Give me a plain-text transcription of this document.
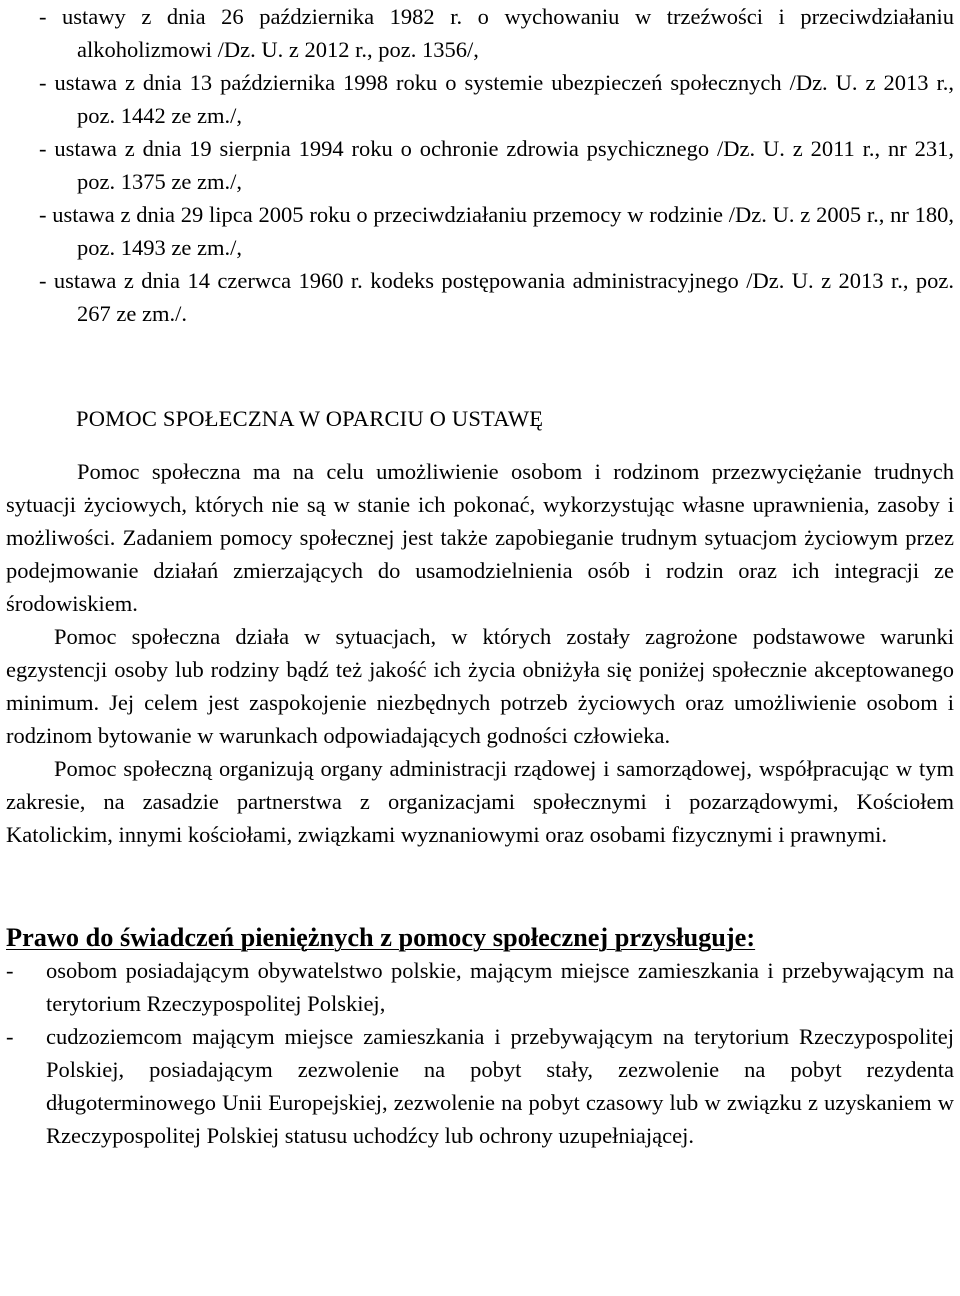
- ustawy z dnia 26 października 1982 r. o wychowaniu w trzeźwości i przeciwdziałaniu alkoholizmowi /Dz. U. z 2012 r., poz. 1356/,
- ustawa z dnia 13 października 1998 roku o systemie ubezpieczeń społecznych /Dz. U. z 2013 r., poz. 1442 ze zm./,
- ustawa z dnia 19 sierpnia 1994 roku o ochronie zdrowia psychicznego /Dz. U. z 2011 r., nr 231, poz. 1375 ze zm./,
- ustawa z dnia 29 lipca 2005 roku o przeciwdziałaniu przemocy w rodzinie /Dz. U. z 2005 r., nr 180, poz. 1493 ze zm./,
- ustawa z dnia 14 czerwca 1960 r. kodeks postępowania administracyjnego /Dz. U. z 2013 r., poz. 267 ze zm./.
POMOC SPOŁECZNA W OPARCIU O USTAWĘ

Pomoc społeczna ma na celu umożliwienie osobom i rodzinom przezwyciężanie trudnych sytuacji życiowych, których nie są w stanie ich pokonać, wykorzystując własne uprawnienia, zasoby i możliwości. Zadaniem pomocy społecznej jest także zapobieganie trudnym sytuacjom życiowym przez podejmowanie działań zmierzających do usamodzielnienia osób i rodzin oraz ich integracji ze środowiskiem.

Pomoc społeczna działa w sytuacjach, w których zostały zagrożone podstawowe warunki egzystencji osoby lub rodziny bądź też jakość ich życia obniżyła się poniżej społecznie akceptowanego minimum. Jej celem jest zaspokojenie niezbędnych potrzeb życiowych oraz umożliwienie osobom i rodzinom bytowanie w warunkach odpowiadających godności człowieka.

Pomoc społeczną organizują organy administracji rządowej i samorządowej, współpracując w tym zakresie, na zasadzie partnerstwa z organizacjami społecznymi i pozarządowymi, Kościołem Katolickim, innymi kościołami, związkami wyznaniowymi oraz osobami fizycznymi i prawnymi.

Prawo do świadczeń pieniężnych z pomocy społecznej przysługuje:
- osobom posiadającym obywatelstwo polskie, mającym miejsce zamieszkania i przebywającym na terytorium Rzeczypospolitej Polskiej,
- cudzoziemcom mającym miejsce zamieszkania i przebywającym na terytorium Rzeczypospolitej Polskiej, posiadającym zezwolenie na pobyt stały, zezwolenie na pobyt rezydenta długoterminowego Unii Europejskiej, zezwolenie na pobyt czasowy lub w związku z uzyskaniem w Rzeczypospolitej Polskiej statusu uchodźcy lub ochrony uzupełniającej.
